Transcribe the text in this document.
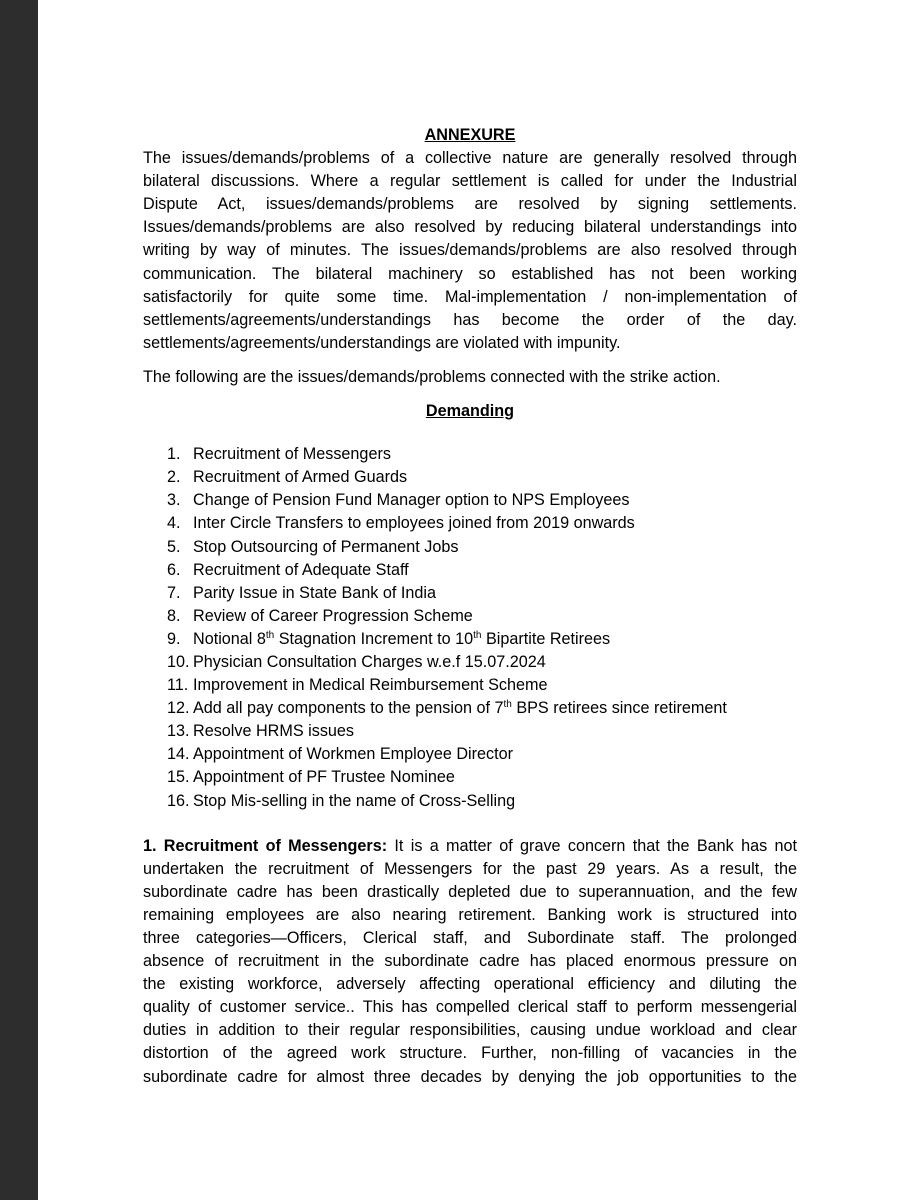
ANNEXURE

The issues/demands/problems of a collective nature are generally resolved through
bilateral discussions. Where a regular settlement is called for under the Industrial
Dispute Act, issues/demands/problems are resolved by signing settlements.
Issues/demands/problems are also resolved by reducing bilateral understandings into
writing by way of minutes. The issues/demands/problems are also resolved through
communication. The bilateral machinery so established has not been working
satisfactorily for quite some time. Mal-implementation / non-implementation of
settlements/agreements/understandings has become the order of the day.
settlements/agreements/understandings are violated with impunity.

The following are the issues/demands/problems connected with the strike action.

Demanding

1. Recruitment of Messengers
2. Recruitment of Armed Guards
3. Change of Pension Fund Manager option to NPS Employees
4. Inter Circle Transfers to employees joined from 2019 onwards
5. Stop Outsourcing of Permanent Jobs
6. Recruitment of Adequate Staff
7. Parity Issue in State Bank of India
8. Review of Career Progression Scheme
9. Notional 8th Stagnation Increment to 10th Bipartite Retirees
10. Physician Consultation Charges w.e.f 15.07.2024
11. Improvement in Medical Reimbursement Scheme
12. Add all pay components to the pension of 7th BPS retirees since retirement
13. Resolve HRMS issues
14. Appointment of Workmen Employee Director
15. Appointment of PF Trustee Nominee
16. Stop Mis-selling in the name of Cross-Selling
1. Recruitment of Messengers: It is a matter of grave concern that the Bank has not
undertaken the recruitment of Messengers for the past 29 years. As a result, the
subordinate cadre has been drastically depleted due to superannuation, and the few
remaining employees are also nearing retirement. Banking work is structured into
three categories—Officers, Clerical staff, and Subordinate staff. The prolonged
absence of recruitment in the subordinate cadre has placed enormous pressure on
the existing workforce, adversely affecting operational efficiency and diluting the
quality of customer service.. This has compelled clerical staff to perform messengerial
duties in addition to their regular responsibilities, causing undue workload and clear
distortion of the agreed work structure. Further, non-filling of vacancies in the
subordinate cadre for almost three decades by denying the job opportunities to the
